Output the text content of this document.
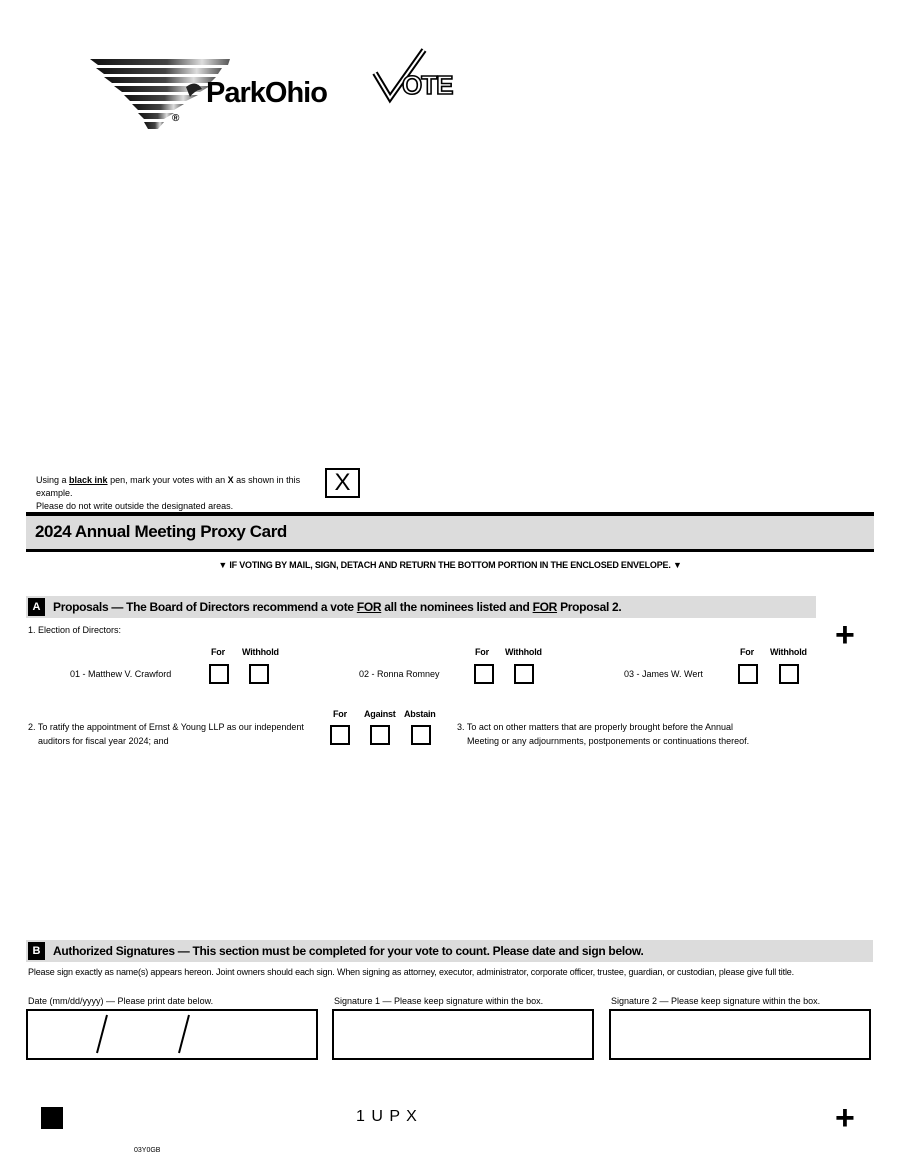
ParkOhio
®
OTE
Using a black ink pen, mark your votes with an X as shown in this example.
Please do not write outside the designated areas.
X
2024 Annual Meeting Proxy Card
▼ IF VOTING BY MAIL, SIGN, DETACH AND RETURN THE BOTTOM PORTION IN THE ENCLOSED ENVELOPE. ▼
A	Proposals — The Board of Directors recommend a vote FOR all the nominees listed and FOR Proposal 2.
+
1. Election of Directors:
For Withhold
01 - Matthew V. Crawford
For Withhold
02 - Ronna Romney
For Withhold
03 - James W. Wert
2. To ratify the appointment of Ernst & Young LLP as our independent
auditors for fiscal year 2024; and
For Against Abstain
3. To act on other matters that are properly brought before the Annual
Meeting or any adjournments, postponements or continuations thereof.
B	Authorized Signatures — This section must be completed for your vote to count. Please date and sign below.
Please sign exactly as name(s) appears hereon. Joint owners should each sign. When signing as attorney, executor, administrator, corporate officer, trustee, guardian, or custodian, please give full title.
Date (mm/dd/yyyy) — Please print date below.	Signature 1 — Please keep signature within the box.	Signature 2 — Please keep signature within the box.
1 U P X	+
03Y0GB
